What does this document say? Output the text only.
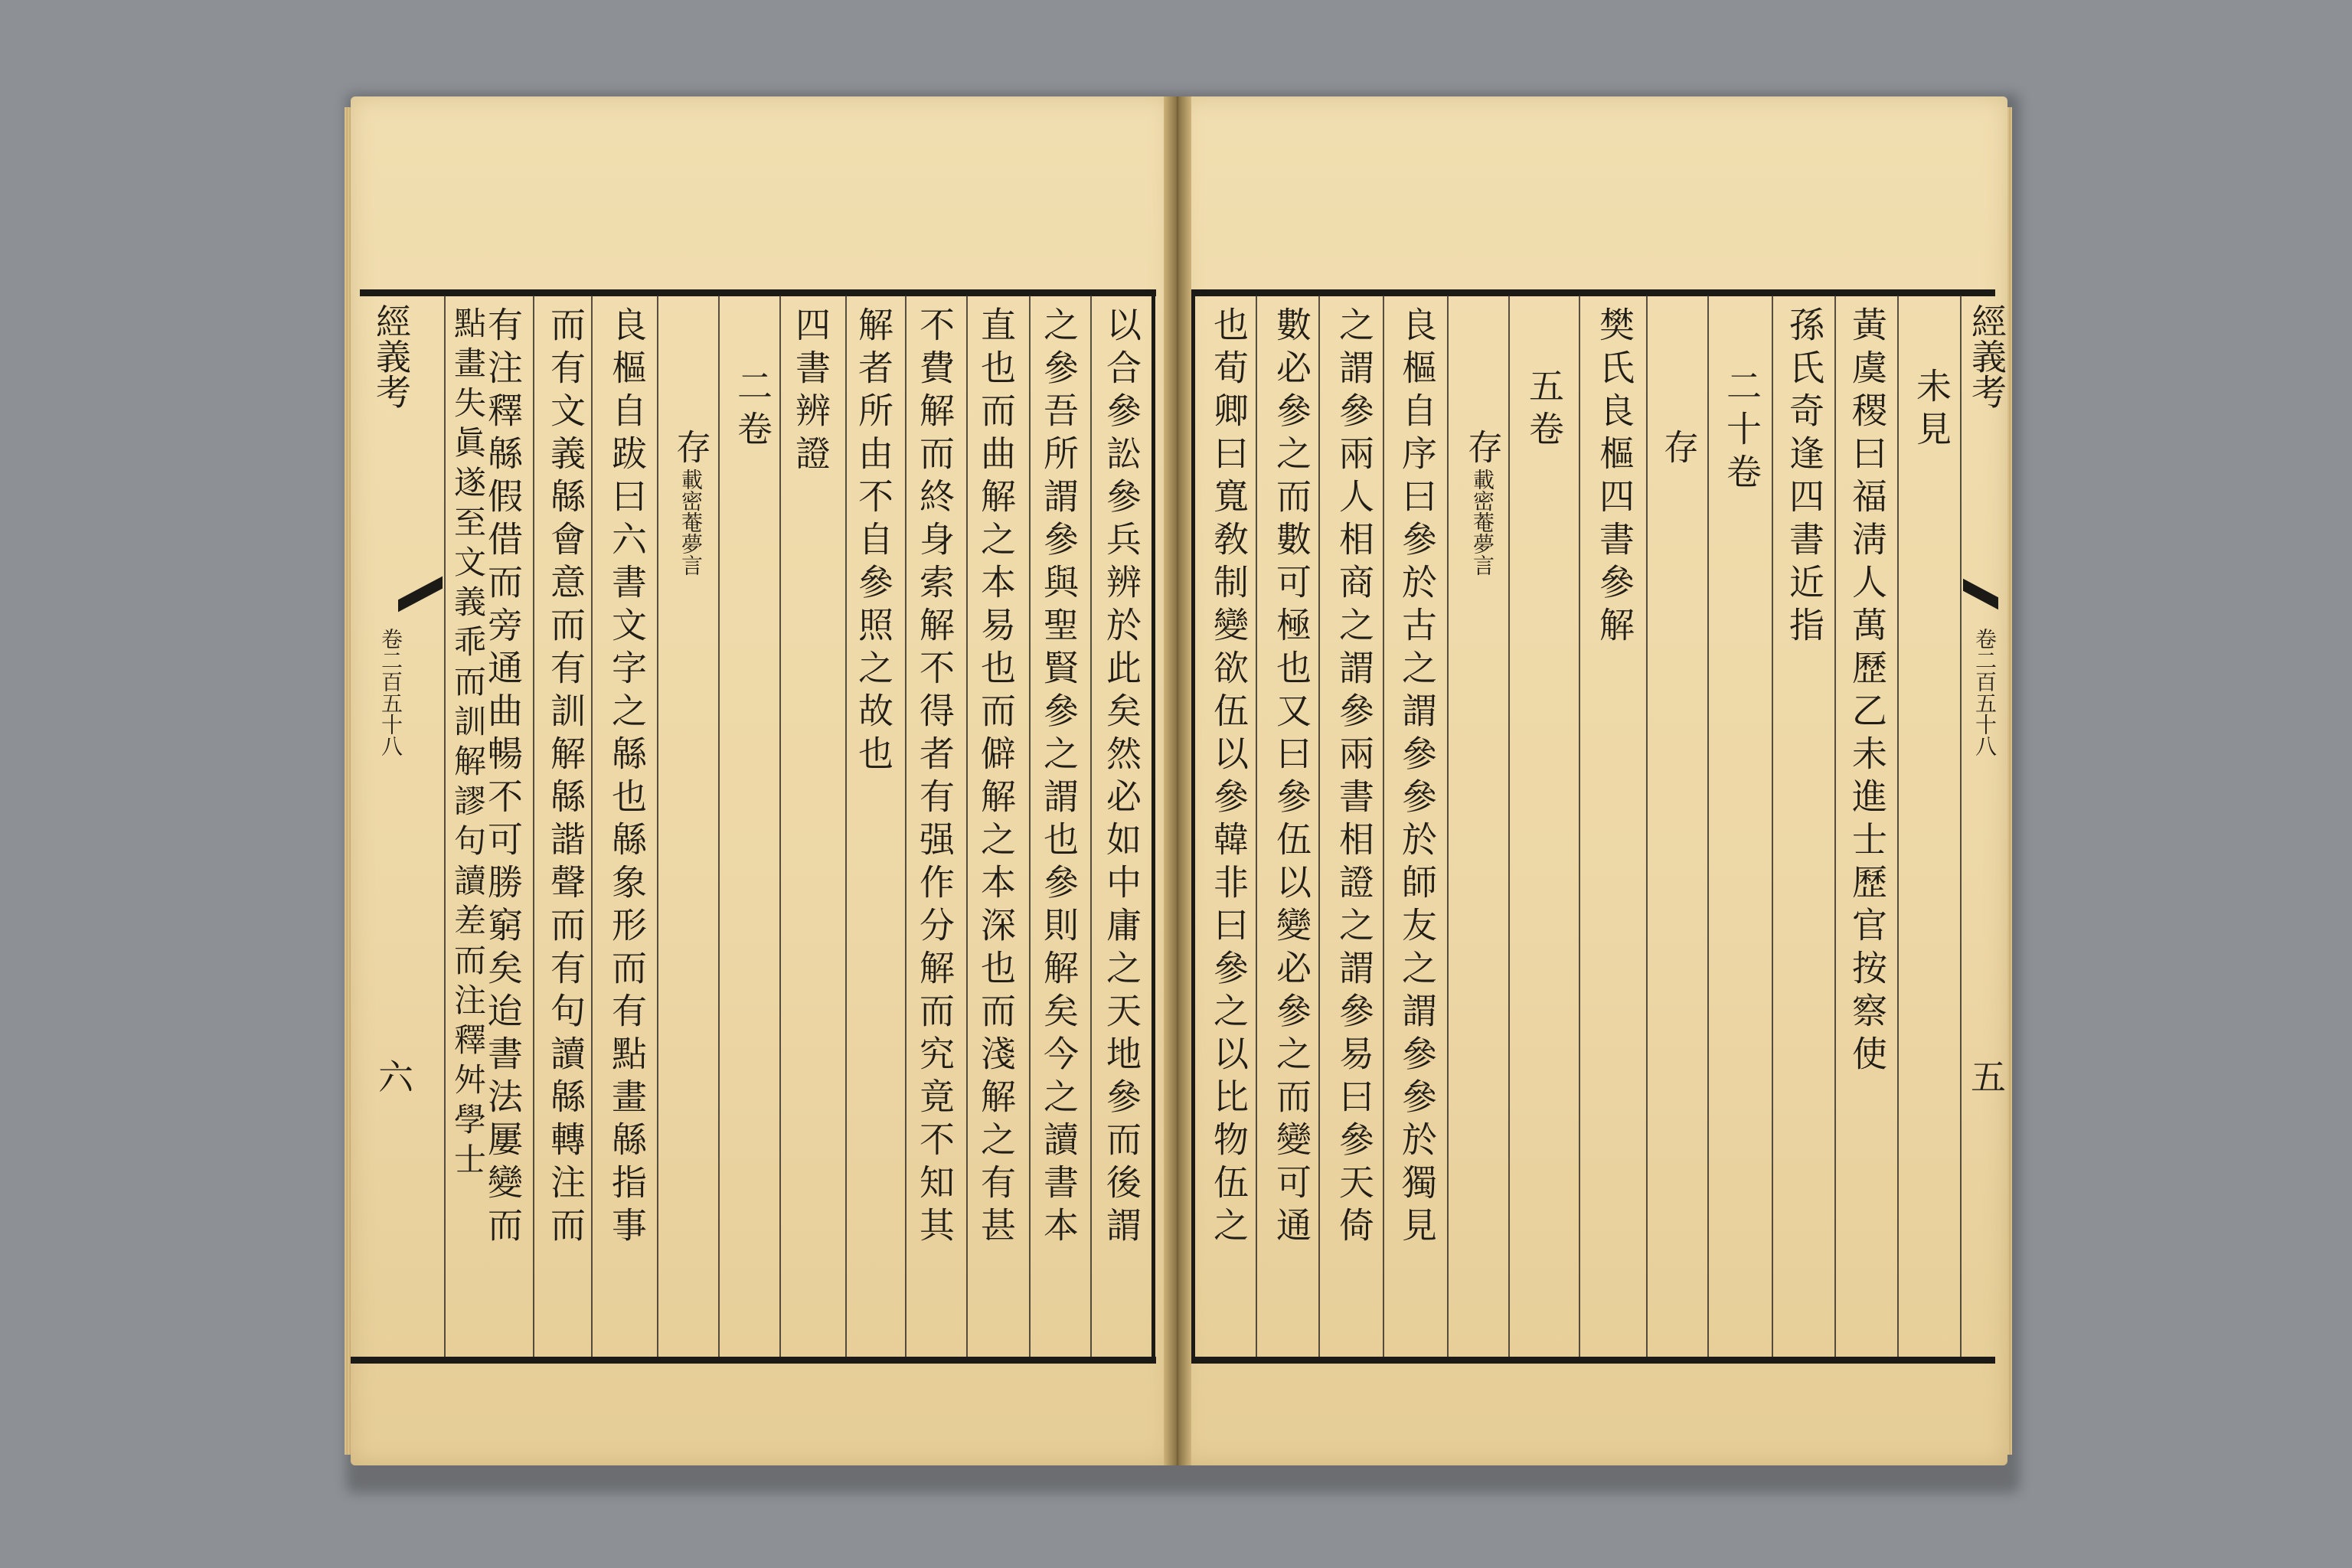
經義考
卷二百五十八
六	以合參訟參兵辨於此矣然必如中庸之天地參而後謂
之參吾所謂參與聖賢參之謂也參則解矣今之讀書本
直也而曲解之本易也而僻解之本深也而淺解之有甚
不費解而終身索解不得者有强作分解而究竟不知其
解者所由不自參照之故也
四書辨證
二卷
存
載密菴夢言
良樞自跋曰六書文字之緜也緜象形而有點畫緜指事
而有文義緜會意而有訓解緜諧聲而有句讀緜轉注而
有注釋緜假借而旁通曲暢不可勝窮矣迨書法屢變而
點畫失眞遂至文義乖而訓解謬句讀差而注釋舛學士	經義考
卷二百五十八
五
未見
黃虞稷曰福淸人萬歷乙未進士歷官按察使
孫氏奇逢四書近指
二十卷
存
樊氏良樞四書參解
五卷
存
載密菴夢言
良樞自序曰參於古之謂參參於師友之謂參參於獨見
之謂參兩人相商之謂參兩書相證之謂參易曰參天倚
數必參之而數可極也又曰參伍以變必參之而變可通
也荀卿曰寬敎制變欲伍以參韓非曰參之以比物伍之
